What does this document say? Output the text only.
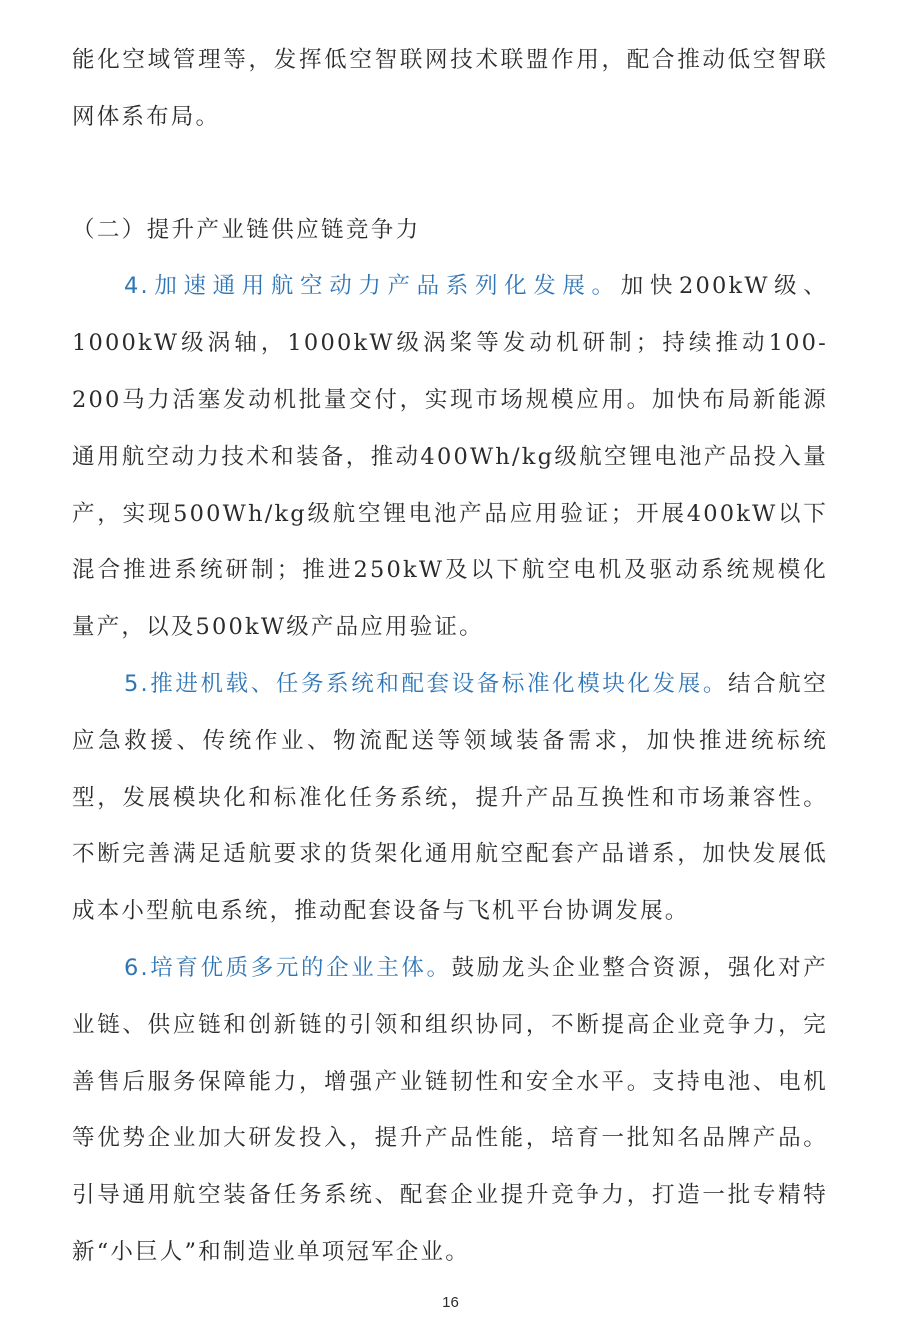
能化空域管理等，发挥低空智联网技术联盟作用，配合推动低空智联网体系布局。

（二）提升产业链供应链竞争力

4.加速通用航空动力产品系列化发展。加快200kW级、1000kW级涡轴，1000kW级涡桨等发动机研制；持续推动100-200马力活塞发动机批量交付，实现市场规模应用。加快布局新能源通用航空动力技术和装备，推动400Wh/kg级航空锂电池产品投入量产，实现500Wh/kg级航空锂电池产品应用验证；开展400kW以下混合推进系统研制；推进250kW及以下航空电机及驱动系统规模化量产，以及500kW级产品应用验证。

5.推进机载、任务系统和配套设备标准化模块化发展。结合航空应急救援、传统作业、物流配送等领域装备需求，加快推进统标统型，发展模块化和标准化任务系统，提升产品互换性和市场兼容性。不断完善满足适航要求的货架化通用航空配套产品谱系，加快发展低成本小型航电系统，推动配套设备与飞机平台协调发展。

6.培育优质多元的企业主体。鼓励龙头企业整合资源，强化对产业链、供应链和创新链的引领和组织协同，不断提高企业竞争力，完善售后服务保障能力，增强产业链韧性和安全水平。支持电池、电机等优势企业加大研发投入，提升产品性能，培育一批知名品牌产品。引导通用航空装备任务系统、配套企业提升竞争力，打造一批专精特新“小巨人”和制造业单项冠军企业。

16
